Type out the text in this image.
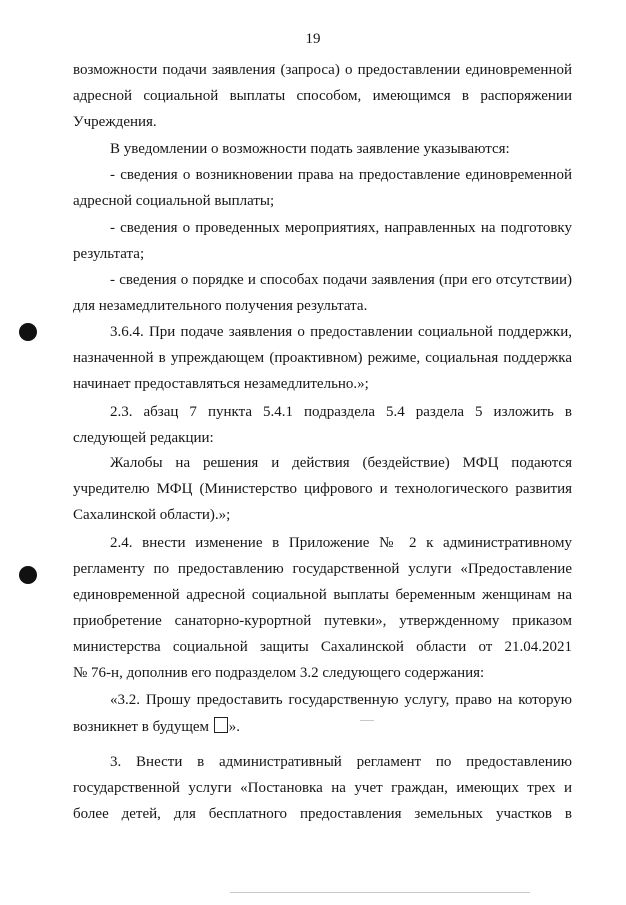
19
возможности подачи заявления (запроса) о предоставлении единовременной
адресной социальной выплаты способом, имеющимся в распоряжении
Учреждения.
В уведомлении о возможности подать заявление указываются:
- сведения о возникновении права на предоставление единовременной
адресной социальной выплаты;
- сведения о проведенных мероприятиях, направленных на подготовку
результата;
- сведения о порядке и способах подачи заявления (при его отсутствии)
для незамедлительного получения результата.
3.6.4. При подаче заявления о предоставлении социальной поддержки,
назначенной в упреждающем (проактивном) режиме, социальная поддержка
начинает предоставляться незамедлительно.»;
2.3. абзац 7 пункта 5.4.1 подраздела 5.4 раздела 5 изложить в
следующей редакции:
Жалобы на решения и действия (бездействие) МФЦ подаются
учредителю МФЦ (Министерство цифрового и технологического развития
Сахалинской области).»;
2.4. внести изменение в Приложение № 2 к административному
регламенту по предоставлению государственной услуги «Предоставление
единовременной адресной социальной выплаты беременным женщинам на
приобретение санаторно-курортной путевки», утвержденному приказом
министерства социальной защиты Сахалинской области от 21.04.2021
№ 76-н, дополнив его подразделом 3.2 следующего содержания:
«3.2. Прошу предоставить государственную услугу, право на которую
возникнет в будущем ».
3. Внести в административный регламент по предоставлению
государственной услуги «Постановка на учет граждан, имеющих трех и
более детей, для бесплатного предоставления земельных участков в
